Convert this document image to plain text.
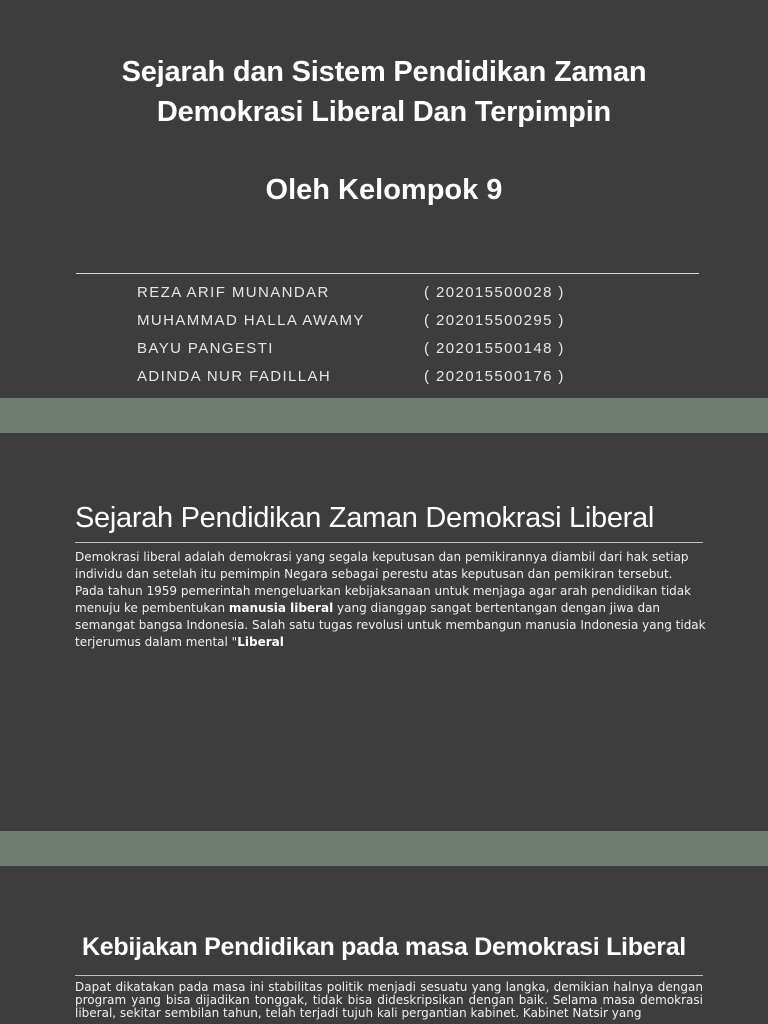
Sejarah dan Sistem Pendidikan Zaman
Demokrasi Liberal Dan Terpimpin
Oleh Kelompok 9
REZA ARIF MUNANDAR	( 202015500028 )
MUHAMMAD HALLA AWAMY	( 202015500295 )
BAYU PANGESTI	( 202015500148 )
ADINDA NUR FADILLAH	( 202015500176 )
Sejarah Pendidikan Zaman Demokrasi Liberal

Demokrasi liberal adalah demokrasi yang segala keputusan dan pemikirannya diambil dari hak setiap individu dan setelah itu pemimpin Negara sebagai perestu atas keputusan dan pemikiran tersebut.

Pada tahun 1959 pemerintah mengeluarkan kebijaksanaan untuk menjaga agar arah pendidikan tidak menuju ke pembentukan manusia liberal yang dianggap sangat bertentangan dengan jiwa dan semangat bangsa Indonesia. Salah satu tugas revolusi untuk membangun manusia Indonesia yang tidak terjerumus dalam mental "Liberal

Kebijakan Pendidikan pada masa Demokrasi Liberal
Dapat dikatakan pada masa ini stabilitas politik menjadi sesuatu yang langka, demikian halnya dengan program yang bisa dijadikan tonggak, tidak bisa dideskripsikan dengan baik. Selama masa demokrasi liberal, sekitar sembilan tahun, telah terjadi tujuh kali pergantian kabinet. Kabinet Natsir yang
